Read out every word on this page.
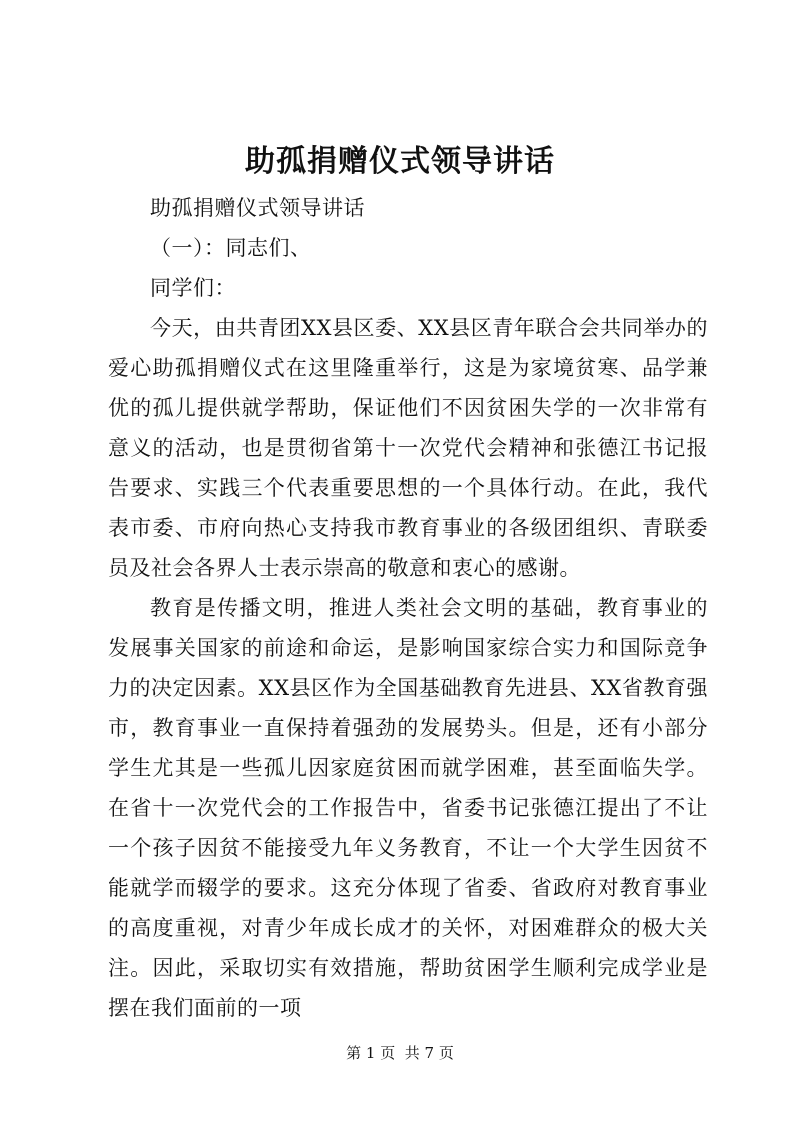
助孤捐赠仪式领导讲话

助孤捐赠仪式领导讲话

（一）：同志们、

同学们：

今天，由共青团XX县区委、XX县区青年联合会共同举办的爱心助孤捐赠仪式在这里隆重举行，这是为家境贫寒、品学兼优的孤儿提供就学帮助，保证他们不因贫困失学的一次非常有意义的活动，也是贯彻省第十一次党代会精神和张德江书记报告要求、实践三个代表重要思想的一个具体行动。在此，我代表市委、市府向热心支持我市教育事业的各级团组织、青联委员及社会各界人士表示崇高的敬意和衷心的感谢。

教育是传播文明，推进人类社会文明的基础，教育事业的发展事关国家的前途和命运，是影响国家综合实力和国际竞争力的决定因素。XX县区作为全国基础教育先进县、XX省教育强市，教育事业一直保持着强劲的发展势头。但是，还有小部分学生尤其是一些孤儿因家庭贫困而就学困难，甚至面临失学。在省十一次党代会的工作报告中，省委书记张德江提出了不让一个孩子因贫不能接受九年义务教育，不让一个大学生因贫不能就学而辍学的要求。这充分体现了省委、省政府对教育事业的高度重视，对青少年成长成才的关怀，对困难群众的极大关注。因此，采取切实有效措施，帮助贫困学生顺利完成学业是摆在我们面前的一项

第 1 页  共 7 页
